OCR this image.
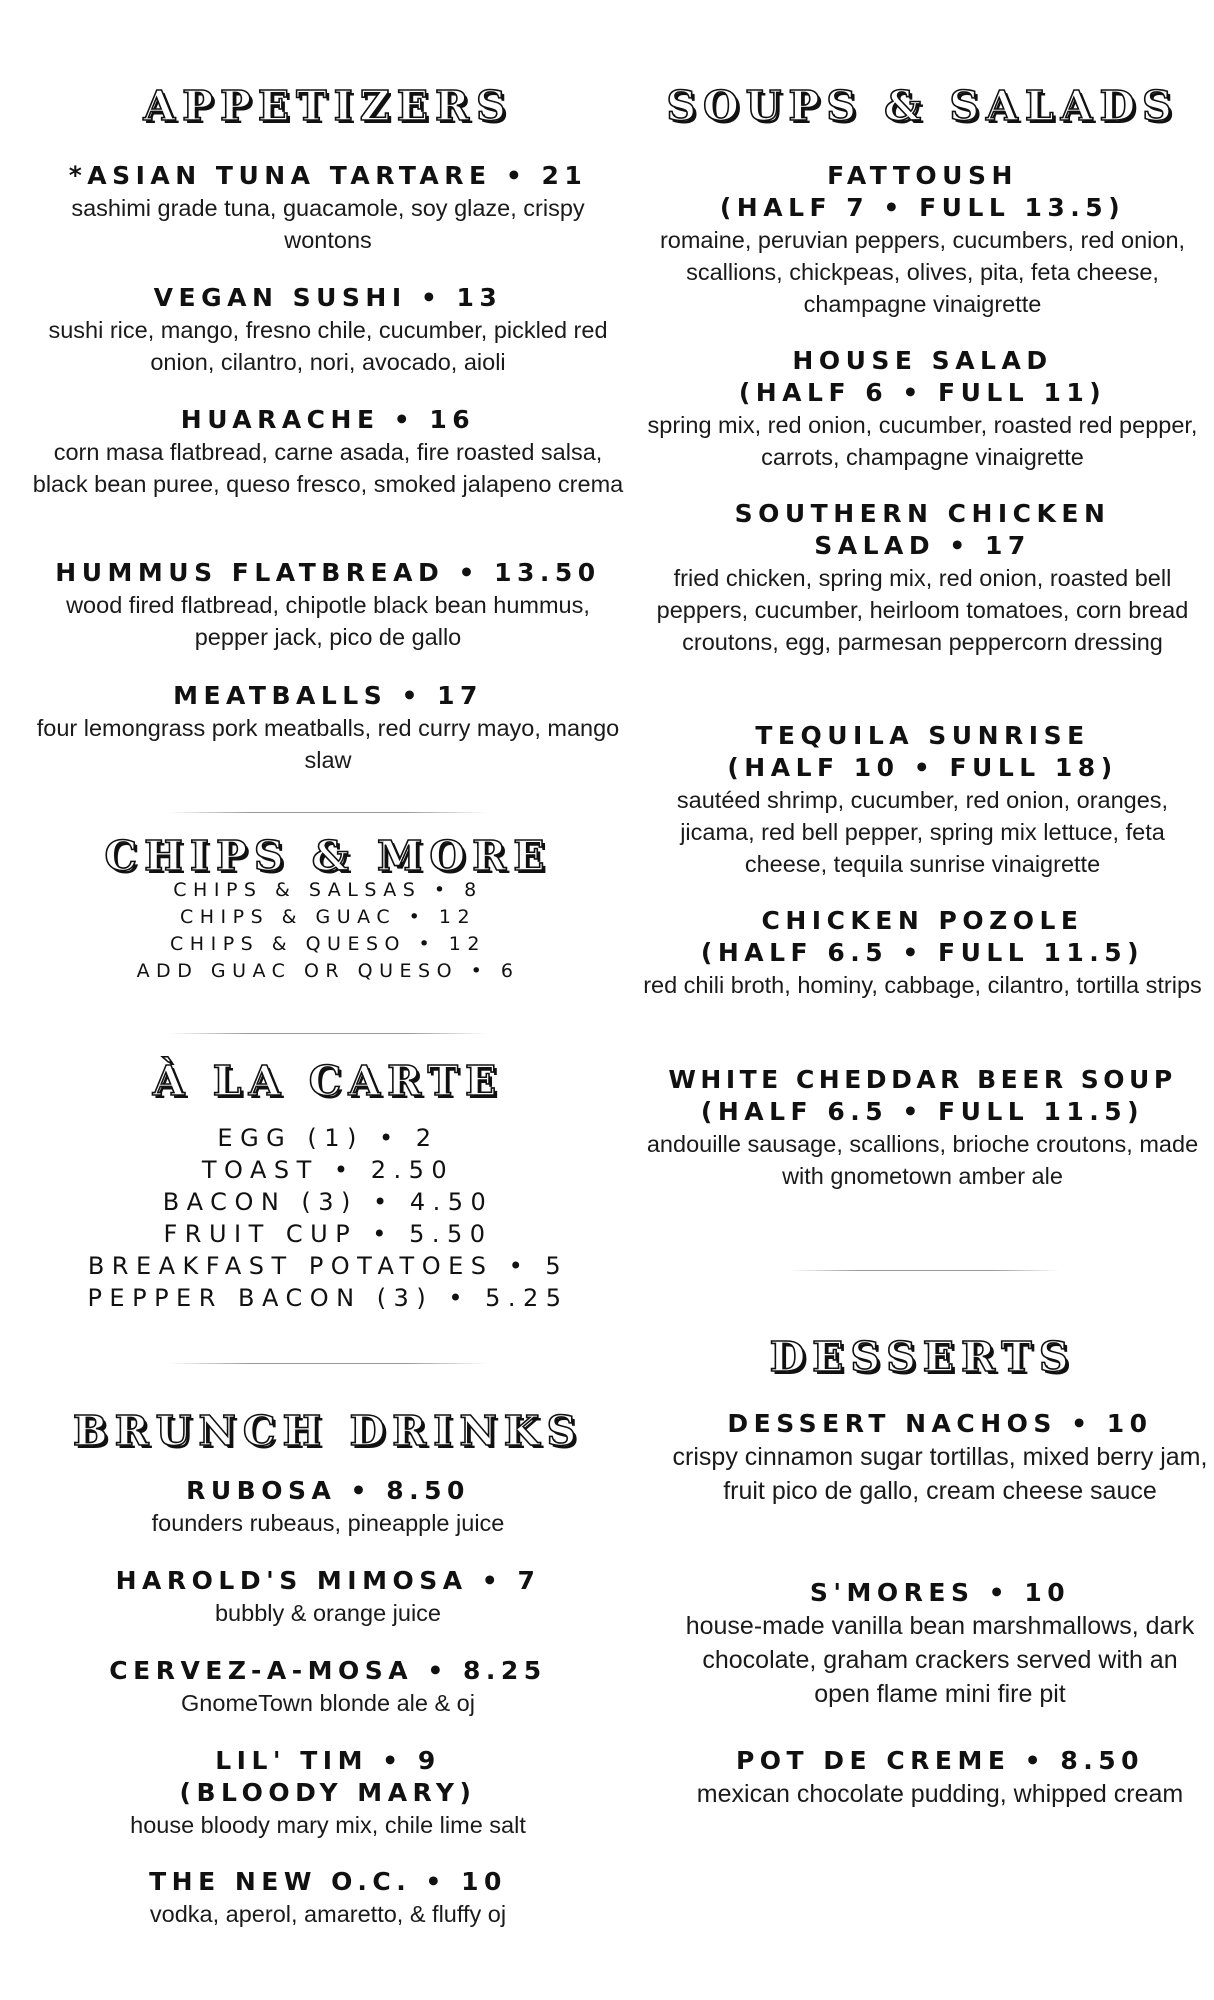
APPETIZERS
*ASIAN TUNA TARTARE • 21
sashimi grade tuna, guacamole, soy glaze, crispy wontons
VEGAN SUSHI • 13
sushi rice, mango, fresno chile, cucumber, pickled red onion, cilantro, nori, avocado, aioli
HUARACHE • 16
corn masa flatbread, carne asada, fire roasted salsa, black bean puree, queso fresco, smoked jalapeno crema
HUMMUS FLATBREAD • 13.50
wood fired flatbread, chipotle black bean hummus, pepper jack, pico de gallo
MEATBALLS • 17
four lemongrass pork meatballs, red curry mayo, mango slaw
CHIPS & MORE
CHIPS & SALSAS • 8
CHIPS & GUAC • 12
CHIPS & QUESO • 12
ADD GUAC OR QUESO • 6
À LA CARTE
EGG (1) • 2
TOAST • 2.50
BACON (3) • 4.50
FRUIT CUP • 5.50
BREAKFAST POTATOES • 5
PEPPER BACON (3) • 5.25
BRUNCH DRINKS
RUBOSA • 8.50
founders rubeaus, pineapple juice
HAROLD'S MIMOSA • 7
bubbly & orange juice
CERVEZ-A-MOSA • 8.25
GnomeTown blonde ale & oj
LIL' TIM • 9
(BLOODY MARY)
house bloody mary mix, chile lime salt
THE NEW O.C. • 10
vodka, aperol, amaretto, & fluffy oj
SOUPS & SALADS
FATTOUSH
(HALF 7 • FULL 13.5)
romaine, peruvian peppers, cucumbers, red onion, scallions, chickpeas, olives, pita, feta cheese, champagne vinaigrette
HOUSE SALAD
(HALF 6 • FULL 11)
spring mix, red onion, cucumber, roasted red pepper, carrots, champagne vinaigrette
SOUTHERN CHICKEN
SALAD • 17
fried chicken, spring mix, red onion, roasted bell peppers, cucumber, heirloom tomatoes, corn bread croutons, egg, parmesan peppercorn dressing
TEQUILA SUNRISE
(HALF 10 • FULL 18)
sautéed shrimp, cucumber, red onion, oranges, jicama, red bell pepper, spring mix lettuce, feta cheese, tequila sunrise vinaigrette
CHICKEN POZOLE
(HALF 6.5 • FULL 11.5)
red chili broth, hominy, cabbage, cilantro, tortilla strips
WHITE CHEDDAR BEER SOUP
(HALF 6.5 • FULL 11.5)
andouille sausage, scallions, brioche croutons, made with gnometown amber ale
DESSERTS
DESSERT NACHOS • 10
crispy cinnamon sugar tortillas, mixed berry jam, fruit pico de gallo, cream cheese sauce
S'MORES • 10
house-made vanilla bean marshmallows, dark chocolate, graham crackers served with an open flame mini fire pit
POT DE CREME • 8.50
mexican chocolate pudding, whipped cream
